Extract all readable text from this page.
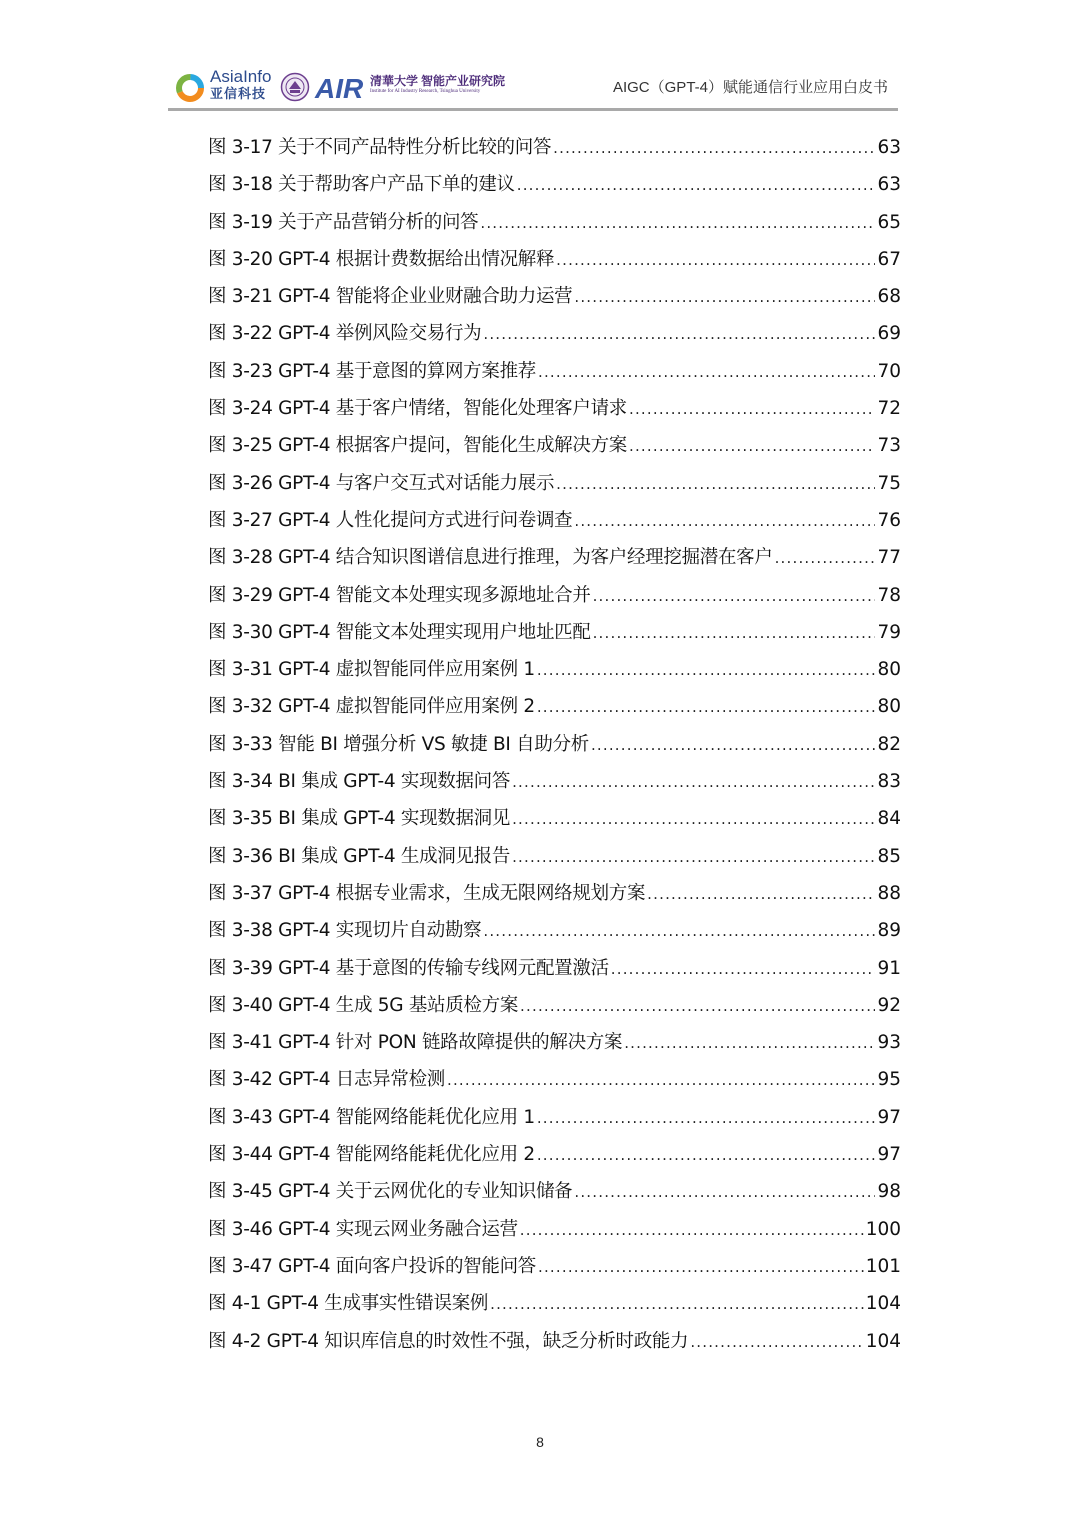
AsiaInfo
亚信科技	AIR 清華大学 智能产业研究院
Institute for AI Industry Research, Tsinghua University	AIGC（GPT-4）赋能通信行业应用白皮书
图 3-17 关于不同产品特性分析比较的问答 .....	63
图 3-18 关于帮助客户产品下单的建议 .....	63
图 3-19 关于产品营销分析的问答 .....	65
图 3-20 GPT-4 根据计费数据给出情况解释 .....	67
图 3-21 GPT-4 智能将企业业财融合助力运营 .....	68
图 3-22 GPT-4 举例风险交易行为 .....	69
图 3-23 GPT-4 基于意图的算网方案推荐 .....	70
图 3-24 GPT-4 基于客户情绪，智能化处理客户请求 .....	72
图 3-25 GPT-4 根据客户提问，智能化生成解决方案 .....	73
图 3-26 GPT-4 与客户交互式对话能力展示 .....	75
图 3-27 GPT-4 人性化提问方式进行问卷调查 .....	76
图 3-28 GPT-4 结合知识图谱信息进行推理，为客户经理挖掘潜在客户 .....	77
图 3-29 GPT-4 智能文本处理实现多源地址合并 .....	78
图 3-30 GPT-4 智能文本处理实现用户地址匹配 .....	79
图 3-31 GPT-4 虚拟智能同伴应用案例 1 .....	80
图 3-32 GPT-4 虚拟智能同伴应用案例 2 .....	80
图 3-33 智能 BI 增强分析 VS 敏捷 BI 自助分析 .....	82
图 3-34 BI 集成 GPT-4 实现数据问答 .....	83
图 3-35 BI 集成 GPT-4 实现数据洞见 .....	84
图 3-36 BI 集成 GPT-4 生成洞见报告 .....	85
图 3-37 GPT-4 根据专业需求，生成无限网络规划方案 .....	88
图 3-38 GPT-4 实现切片自动勘察 .....	89
图 3-39 GPT-4 基于意图的传输专线网元配置激活 .....	91
图 3-40 GPT-4 生成 5G 基站质检方案 .....	92
图 3-41 GPT-4 针对 PON 链路故障提供的解决方案 .....	93
图 3-42 GPT-4 日志异常检测 .....	95
图 3-43 GPT-4 智能网络能耗优化应用 1 .....	97
图 3-44 GPT-4 智能网络能耗优化应用 2 .....	97
图 3-45 GPT-4 关于云网优化的专业知识储备 .....	98
图 3-46 GPT-4 实现云网业务融合运营 .....	100
图 3-47 GPT-4 面向客户投诉的智能问答 .....	101
图 4-1 GPT-4 生成事实性错误案例 .....	104
图 4-2 GPT-4 知识库信息的时效性不强，缺乏分析时政能力 .....	104
8
